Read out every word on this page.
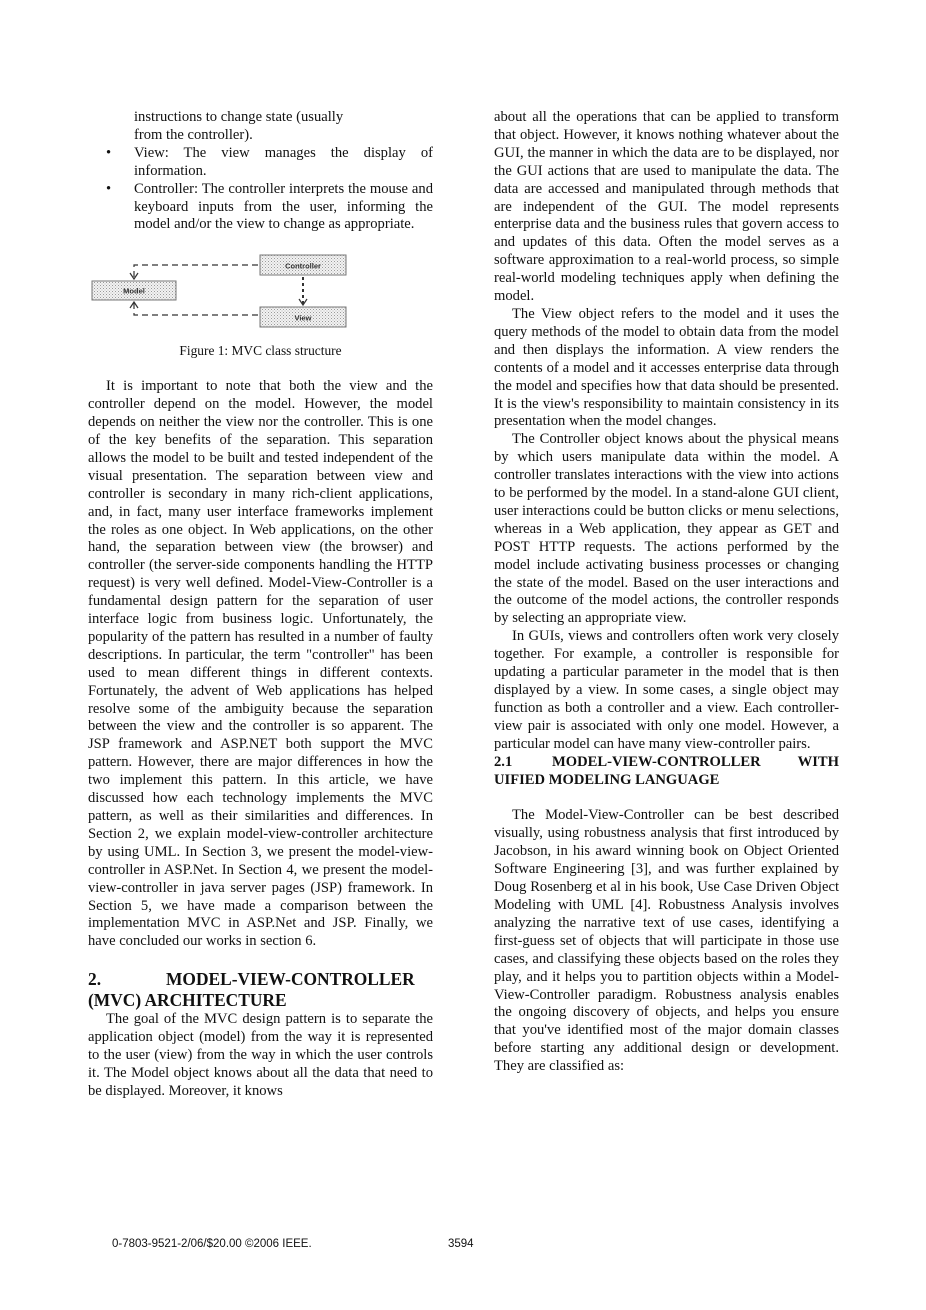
instructions to change state (usually
from the controller).

• View: The view manages the display of information.
• Controller: The controller interprets the mouse and keyboard inputs from the user, informing the model and/or the view to change as appropriate.
Controller
Model
View

Figure 1: MVC class structure

It is important to note that both the view and the controller depend on the model. However, the model depends on neither the view nor the controller. This is one of the key benefits of the separation. This separation allows the model to be built and tested independent of the visual presentation. The separation between view and controller is secondary in many rich-client applications, and, in fact, many user interface frameworks implement the roles as one object. In Web applications, on the other hand, the separation between view (the browser) and controller (the server-side components handling the HTTP request) is very well defined. Model-View-Controller is a fundamental design pattern for the separation of user interface logic from business logic. Unfortunately, the popularity of the pattern has resulted in a number of faulty descriptions. In particular, the term "controller" has been used to mean different things in different contexts. Fortunately, the advent of Web applications has helped resolve some of the ambiguity because the separation between the view and the controller is so apparent. The JSP framework and ASP.NET both support the MVC pattern. However, there are major differences in how the two implement this pattern. In this article, we have discussed how each technology implements the MVC pattern, as well as their similarities and differences. In Section 2, we explain model-view-controller architecture by using UML. In Section 3, we present the model-view-controller in ASP.Net. In Section 4, we present the model-view-controller in java server pages (JSP) framework. In Section 5, we have made a comparison between the implementation MVC in ASP.Net and JSP. Finally, we have concluded our works in section 6.

2.	MODEL-VIEW-CONTROLLER (MVC) ARCHITECTURE

The goal of the MVC design pattern is to separate the application object (model) from the way it is represented to the user (view) from the way in which the user controls it. The Model object knows about all the data that need to be displayed. Moreover, it knows

about all the operations that can be applied to transform that object. However, it knows nothing whatever about the GUI, the manner in which the data are to be displayed, nor the GUI actions that are used to manipulate the data. The data are accessed and manipulated through methods that are independent of the GUI. The model represents enterprise data and the business rules that govern access to and updates of this data. Often the model serves as a software approximation to a real-world process, so simple real-world modeling techniques apply when defining the model.

The View object refers to the model and it uses the query methods of the model to obtain data from the model and then displays the information. A view renders the contents of a model and it accesses enterprise data through the model and specifies how that data should be presented. It is the view's responsibility to maintain consistency in its presentation when the model changes.

The Controller object knows about the physical means by which users manipulate data within the model. A controller translates interactions with the view into actions to be performed by the model. In a stand-alone GUI client, user interactions could be button clicks or menu selections, whereas in a Web application, they appear as GET and POST HTTP requests. The actions performed by the model include activating business processes or changing the state of the model. Based on the user interactions and the outcome of the model actions, the controller responds by selecting an appropriate view.

In GUIs, views and controllers often work very closely together. For example, a controller is responsible for updating a particular parameter in the model that is then displayed by a view. In some cases, a single object may function as both a controller and a view. Each controller-view pair is associated with only one model. However, a particular model can have many view-controller pairs.

2.1	MODEL-VIEW-CONTROLLER WITH UIFIED MODELING LANGUAGE

The Model-View-Controller can be best described visually, using robustness analysis that first introduced by Jacobson, in his award winning book on Object Oriented Software Engineering [3], and was further explained by Doug Rosenberg et al in his book, Use Case Driven Object Modeling with UML [4]. Robustness Analysis involves analyzing the narrative text of use cases, identifying a first-guess set of objects that will participate in those use cases, and classifying these objects based on the roles they play, and it helps you to partition objects within a Model-View-Controller paradigm. Robustness analysis enables the ongoing discovery of objects, and helps you ensure that you've identified most of the major domain classes before starting any additional design or development. They are classified as:

0-7803-9521-2/06/$20.00 ©2006 IEEE.	3594
